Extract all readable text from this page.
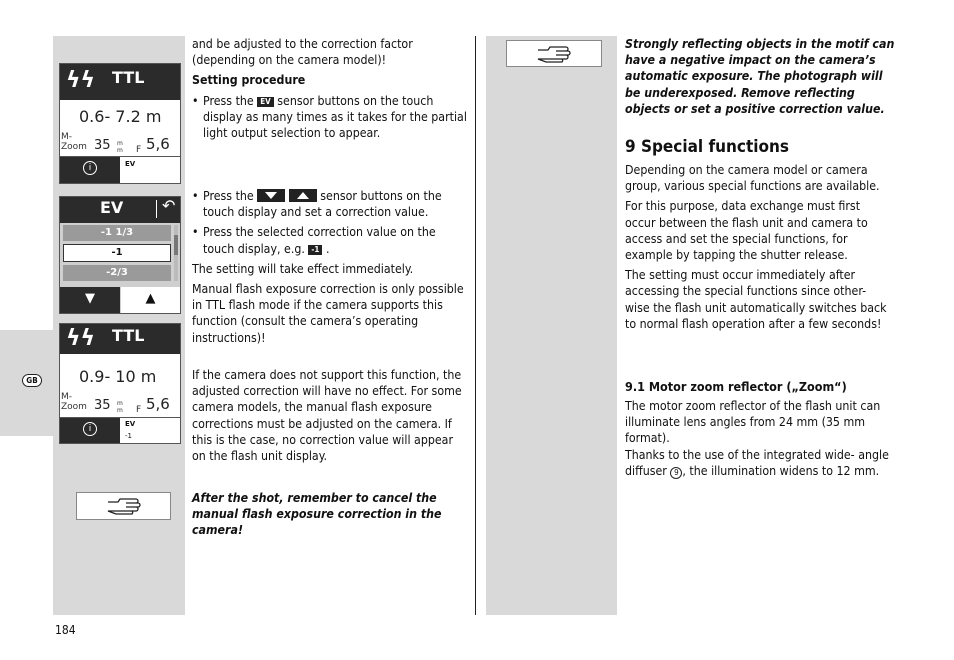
GB
ϟϟ TTL
0.6- 7.2 m
M-
Zoom 35 m
m F 5,6
i	EV
EV ↶
-1 1/3
-1
-2/3
▼	▲
ϟϟ TTL
0.9- 10 m
M-
Zoom 35 m
m F 5,6
i	EV
-1

and be adjusted to the correction factor (depending on the camera model)!

Setting procedure

• Press the EV sensor buttons on the touch display as many times as it takes for the partial light output selection to appear.
• Press the
	sensor buttons on the touch display and set a correction value.
• Press the selected correction value on the touch display, e.g. -1 .

The setting will take effect immediately.

Manual flash exposure correction is only possible in TTL flash mode if the camera supports this function (consult the camera’s operating instructions)!

If the camera does not support this function, the adjusted correction will have no effect. For some camera models, the manual flash exposure corrections must be adjusted on the camera. If this is the case, no correction value will appear on the flash unit display.

After the shot, remember to cancel the manual flash exposure correction in the camera!
Strongly reflecting objects in the motif can have a negative impact on the camera’s automatic exposure. The photograph will be underexposed. Remove reflecting objects or set a positive correction value.
9 Special functions

Depending on the camera model or camera group, various special functions are available.

For this purpose, data exchange must first occur between the flash unit and camera to access and set the special functions, for example by tapping the shutter release.

The setting must occur immediately after accessing the special functions since other- wise the flash unit automatically switches back to normal flash operation after a few seconds!

9.1 Motor zoom reflector („Zoom“)

The motor zoom reflector of the flash unit can illuminate lens angles from 24 mm (35 mm format).

Thanks to the use of the integrated wide- angle diffuser 9 , the illumination widens to 12 mm.

184
